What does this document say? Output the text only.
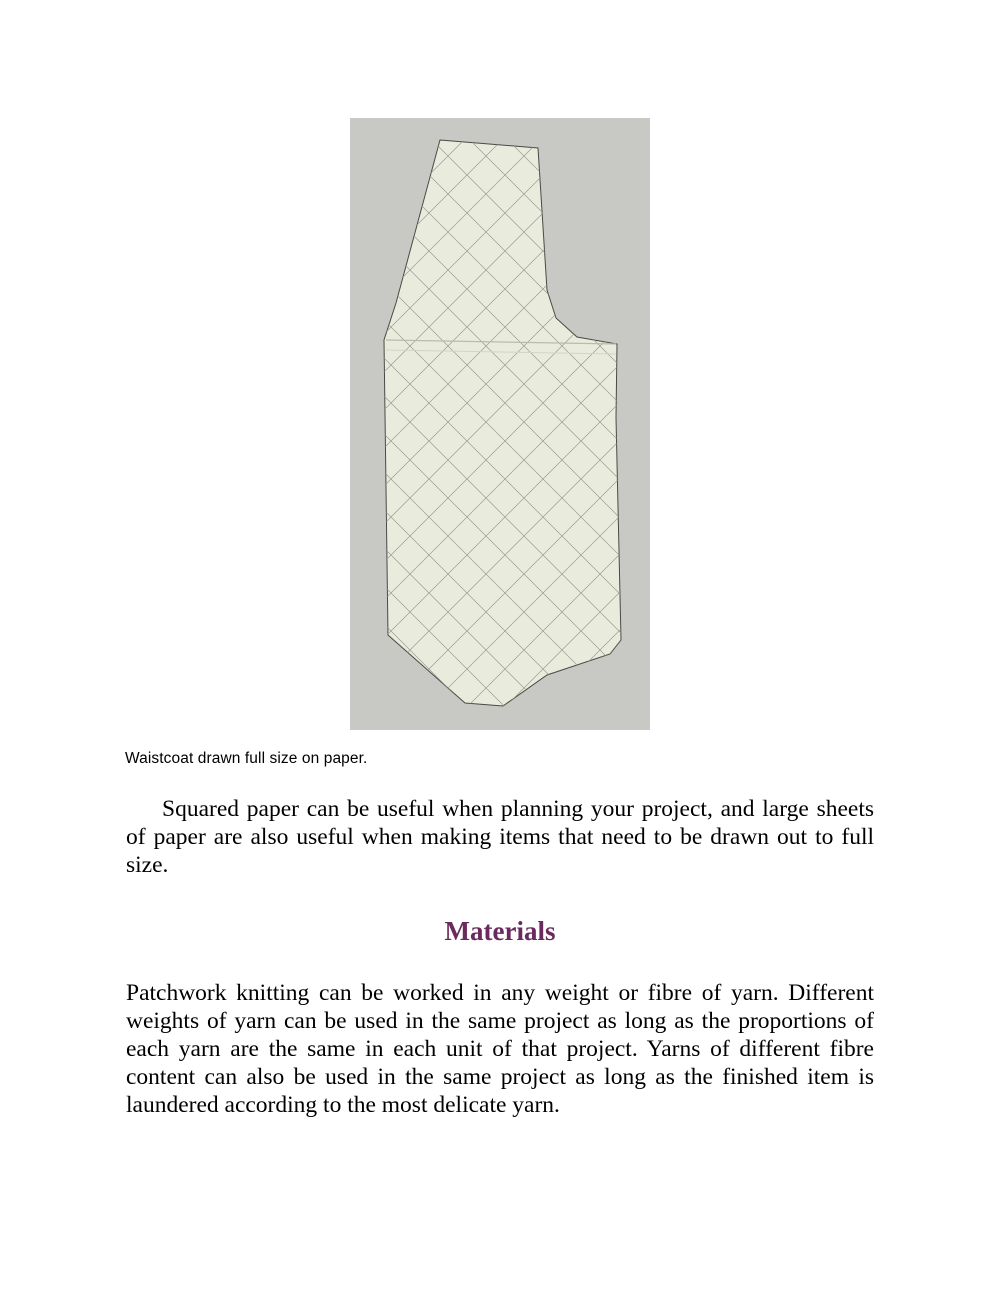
Waistcoat drawn full size on paper.

Squared paper can be useful when planning your project, and large sheets of paper are also useful when making items that need to be drawn out to full size.

Materials

Patchwork knitting can be worked in any weight or fibre of yarn. Different weights of yarn can be used in the same project as long as the proportions of each yarn are the same in each unit of that project. Yarns of different fibre content can also be used in the same project as long as the finished item is laundered according to the most delicate yarn.
